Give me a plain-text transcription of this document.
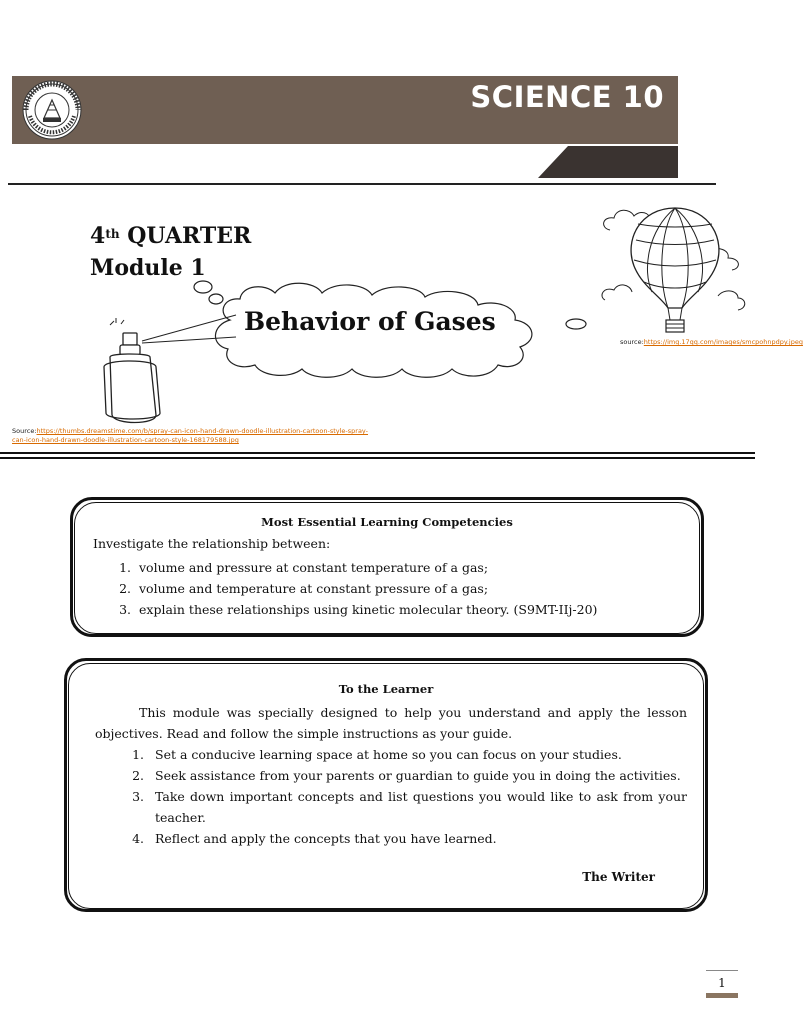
SCIENCE 10
4th QUARTER
Module 1
Behavior of Gases
source:https://img.17qq.com/images/smcpohnpdpy.jpeg
Source:https://thumbs.dreamstime.com/b/spray-can-icon-hand-drawn-doodle-illustration-cartoon-style-spray-can-icon-hand-drawn-doodle-illustration-cartoon-style-168179588.jpg
Most Essential Learning Competencies
Investigate the relationship between:
1. volume and pressure at constant temperature of a gas;
2. volume and temperature at constant pressure of a gas;
3. explain these relationships using kinetic molecular theory. (S9MT-IIj-20)
To the Learner

This module was specially designed to help you understand and apply the lesson objectives. Read and follow the simple instructions as your guide.

1. Set a conducive learning space at home so you can focus on your studies.
2. Seek assistance from your parents or guardian to guide you in doing the activities.
3. Take down important concepts and list questions you would like to ask from your teacher.
4. Reflect and apply the concepts that you have learned.
The Writer
1
